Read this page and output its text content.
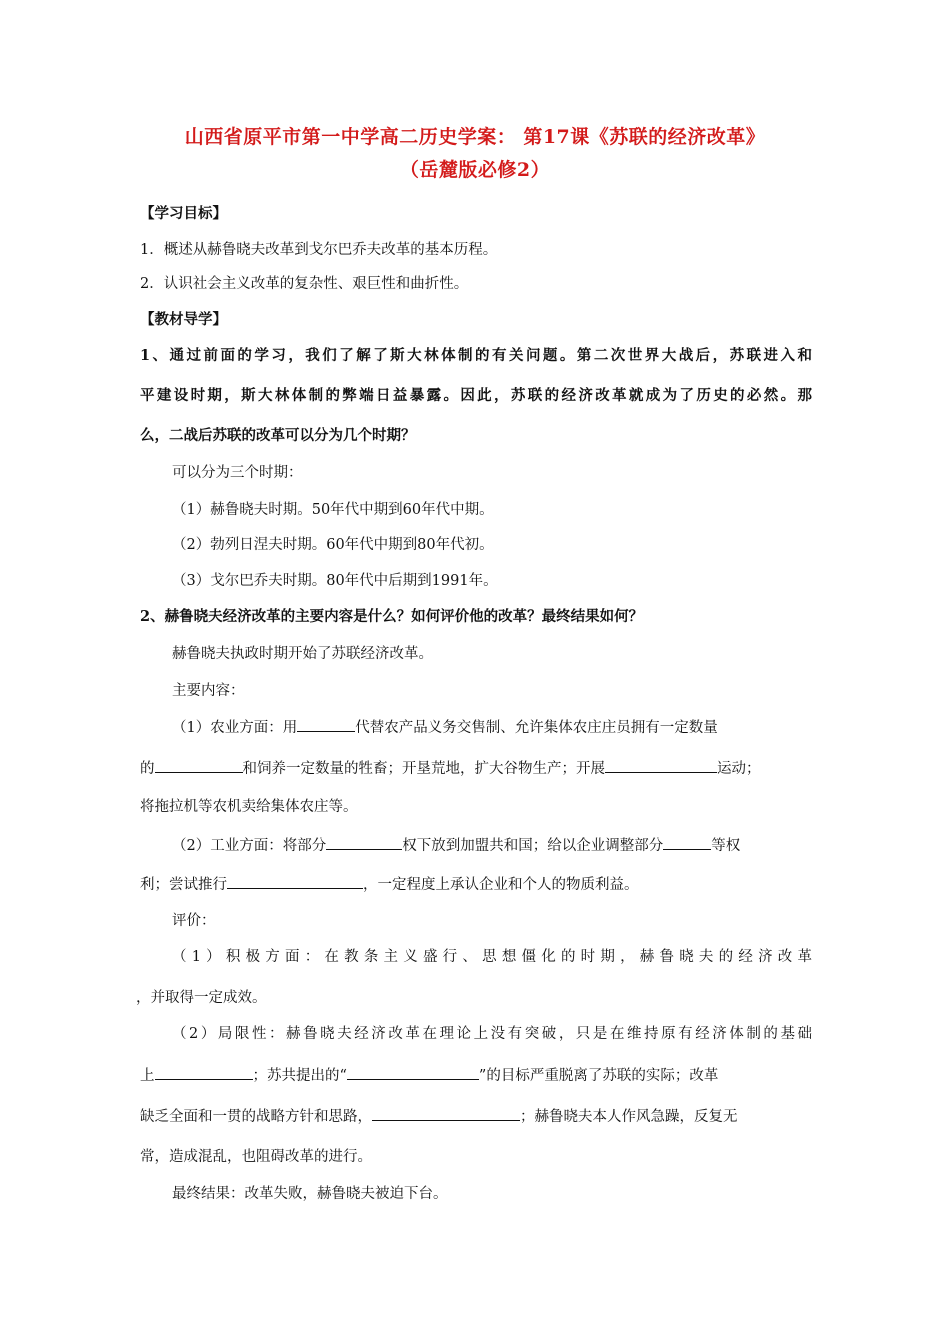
山西省原平市第一中学高二历史学案： 第17课《苏联的经济改革》
（岳麓版必修2）
【学习目标】
1．概述从赫鲁晓夫改革到戈尔巴乔夫改革的基本历程。
2．认识社会主义改革的复杂性、艰巨性和曲折性。
【教材导学】
1、通过前面的学习，我们了解了斯大林体制的有关问题。第二次世界大战后，苏联进入和
平建设时期，斯大林体制的弊端日益暴露。因此，苏联的经济改革就成为了历史的必然。那
么，二战后苏联的改革可以分为几个时期？
可以分为三个时期：
（1）赫鲁晓夫时期。50年代中期到60年代中期。
（2）勃列日涅夫时期。60年代中期到80年代初。
（3）戈尔巴乔夫时期。80年代中后期到1991年。
2、赫鲁晓夫经济改革的主要内容是什么？如何评价他的改革？最终结果如何？
赫鲁晓夫执政时期开始了苏联经济改革。
主要内容：
（1）农业方面：用	代替农产品义务交售制、允许集体农庄庄员拥有一定数量
的	和饲养一定数量的牲畜；开垦荒地，扩大谷物生产；开展	运动；
将拖拉机等农机卖给集体农庄等。
（2）工业方面：将部分	权下放到加盟共和国；给以企业调整部分	等权
利；尝试推行	，一定程度上承认企业和个人的物质利益。
评价：
（1）积极方面：在教条主义盛行、思想僵化的时期，赫鲁晓夫的经济改革
，并取得一定成效。
（2）局限性：赫鲁晓夫经济改革在理论上没有突破，只是在维持原有经济体制的基础
上	；苏共提出的“	”的目标严重脱离了苏联的实际；改革
缺乏全面和一贯的战略方针和思路，	；赫鲁晓夫本人作风急躁，反复无
常，造成混乱，也阻碍改革的进行。
最终结果：改革失败，赫鲁晓夫被迫下台。
